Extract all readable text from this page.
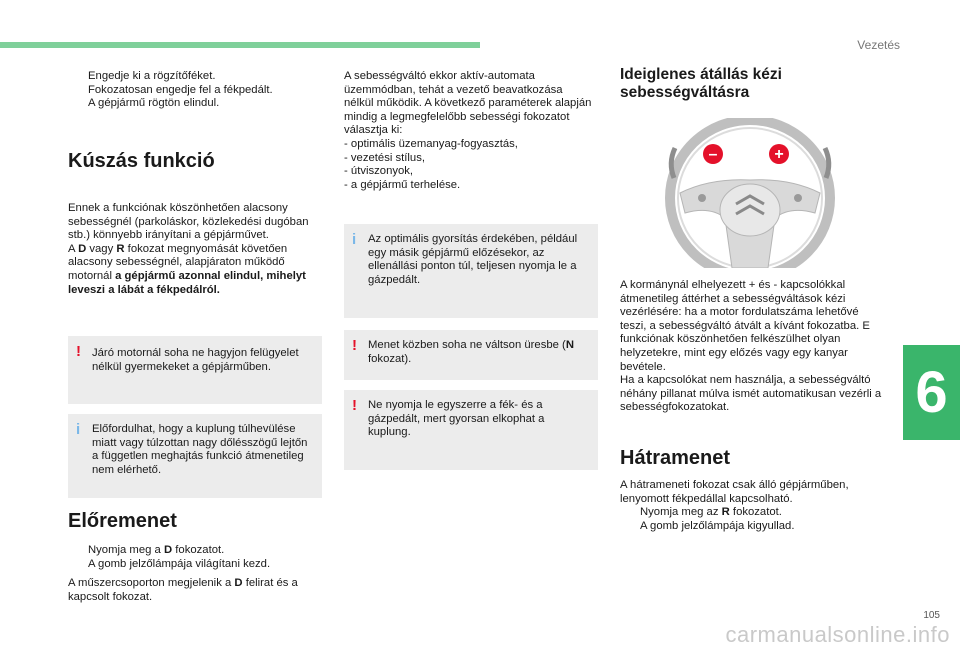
Vezetés
6
105
carmanualsonline.info
Engedje ki a rögzítőféket.
Fokozatosan engedje fel a fékpedált.
A gépjármű rögtön elindul.
Kúszás funkció

Ennek a funkciónak köszönhetően alacsony sebességnél (parkoláskor, közlekedési dugóban stb.) könnyebb irányítani a gépjárművet.

A D vagy R fokozat megnyomását követően alacsony sebességnél, alapjáraton működő motornál a gépjármű azonnal elindul, mihelyt leveszi a lábát a fékpedálról.

! Járó motornál soha ne hagyjon felügyelet nélkül gyermekeket a gépjárműben.

i Előfordulhat, hogy a kuplung túlhevülése miatt vagy túlzottan nagy dőlésszögű lejtőn a független meghajtás funkció átmenetileg nem elérhető.

Előremenet
Nyomja meg a D fokozatot.
A gomb jelzőlámpája világítani kezd.

A műszercsoporton megjelenik a D felirat és a kapcsolt fokozat.

A sebességváltó ekkor aktív-automata üzemmódban, tehát a vezető beavatkozása nélkül működik. A következő paraméterek alapján mindig a legmegfelelőbb sebességi fokozatot választja ki:

- optimális üzemanyag-fogyasztás,
- vezetési stílus,
- útviszonyok,
- a gépjármű terhelése.
i Az optimális gyorsítás érdekében, például egy másik gépjármű előzésekor, az ellenállási ponton túl, teljesen nyomja le a gázpedált.

! Menet közben soha ne váltson üresbe (N fokozat).

! Ne nyomja le egyszerre a fék- és a gázpedált, mert gyorsan elkophat a kuplung.

Ideiglenes átállás kézi
sebességváltásra
–	+

A kormánynál elhelyezett + és - kapcsolókkal átmenetileg áttérhet a sebességváltások kézi vezérlésére: ha a motor fordulatszáma lehetővé teszi, a sebességváltó átvált a kívánt fokozatba. E funkciónak köszönhetően felkészülhet olyan helyzetekre, mint egy előzés vagy egy kanyar bevétele.

Ha a kapcsolókat nem használja, a sebességváltó néhány pillanat múlva ismét automatikusan vezérli a sebességfokozatokat.

Hátramenet

A hátrameneti fokozat csak álló gépjárműben, lenyomott fékpedállal kapcsolható.

Nyomja meg az R fokozatot.
A gomb jelzőlámpája kigyullad.
